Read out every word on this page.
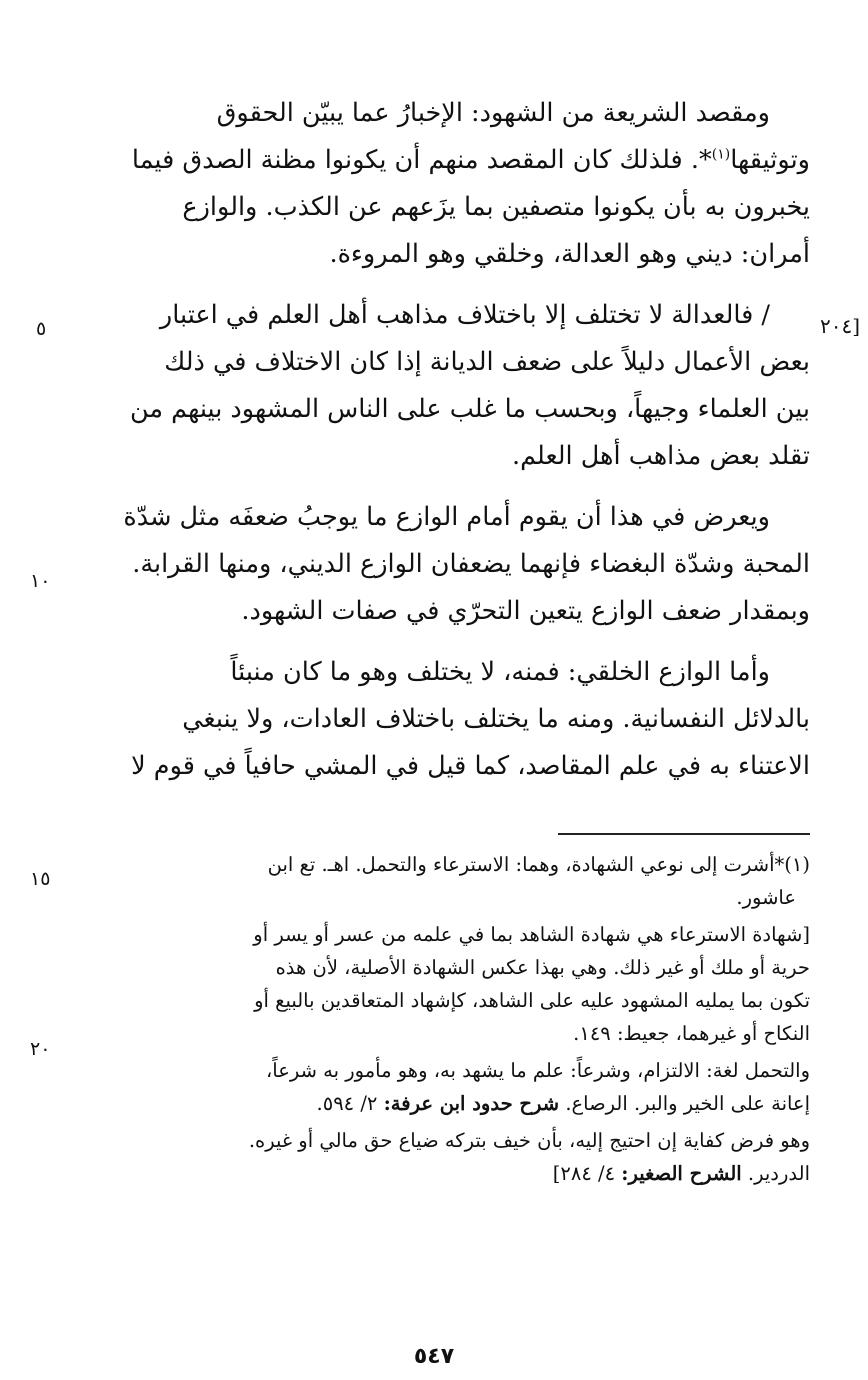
ومقصد الشريعة من الشهود: الإخبارُ عما يبيّن الحقوق
وتوثيقها$^{(١)}$*. فلذلك كان المقصد منهم أن يكونوا مظنة الصدق فيما
يخبرون به بأن يكونوا متصفين بما يزَعهم عن الكذب. والوازع
أمران: ديني وهو العدالة، وخلقي وهو المروءة.
/ فالعدالة لا تختلف إلا باختلاف مذاهب أهل العلم في اعتبار
بعض الأعمال دليلاً على ضعف الديانة إذا كان الاختلاف في ذلك
بين العلماء وجيهاً، وبحسب ما غلب على الناس المشهود بينهم من
تقلد بعض مذاهب أهل العلم.
ويعرض في هذا أن يقوم أمام الوازع ما يوجبُ ضعفَه مثل شدّة
المحبة وشدّة البغضاء فإنهما يضعفان الوازع الديني، ومنها القرابة.
وبمقدار ضعف الوازع يتعين التحرّي في صفات الشهود.
وأما الوازع الخلقي: فمنه، لا يختلف وهو ما كان منبئاً
بالدلائل النفسانية. ومنه ما يختلف باختلاف العادات، ولا ينبغي
الاعتناء به في علم المقاصد، كما قيل في المشي حافياً في قوم لا
[٢٠٤
٥
١٠
١٥
٢٠
(١)*أشرت إلى نوعي الشهادة، وهما: الاسترعاء والتحمل. اهـ. تع ابن
عاشور.
[شهادة الاسترعاء هي شهادة الشاهد بما في علمه من عسر أو يسر أو
حرية أو ملك أو غير ذلك. وهي بهذا عكس الشهادة الأصلية، لأن هذه
تكون بما يمليه المشهود عليه على الشاهد، كإشهاد المتعاقدين بالبيع أو
النكاح أو غيرهما، جعيط: ١٤٩.
والتحمل لغة: الالتزام، وشرعاً: علم ما يشهد به، وهو مأمور به شرعاً،
إعانة على الخير والبر. الرصاع. شرح حدود ابن عرفة: ٢/ ٥٩٤.
وهو فرض كفاية إن احتيج إليه، بأن خيف بتركه ضياع حق مالي أو غيره.
الدردير. الشرح الصغير: ٤/ ٢٨٤]
٥٤٧
